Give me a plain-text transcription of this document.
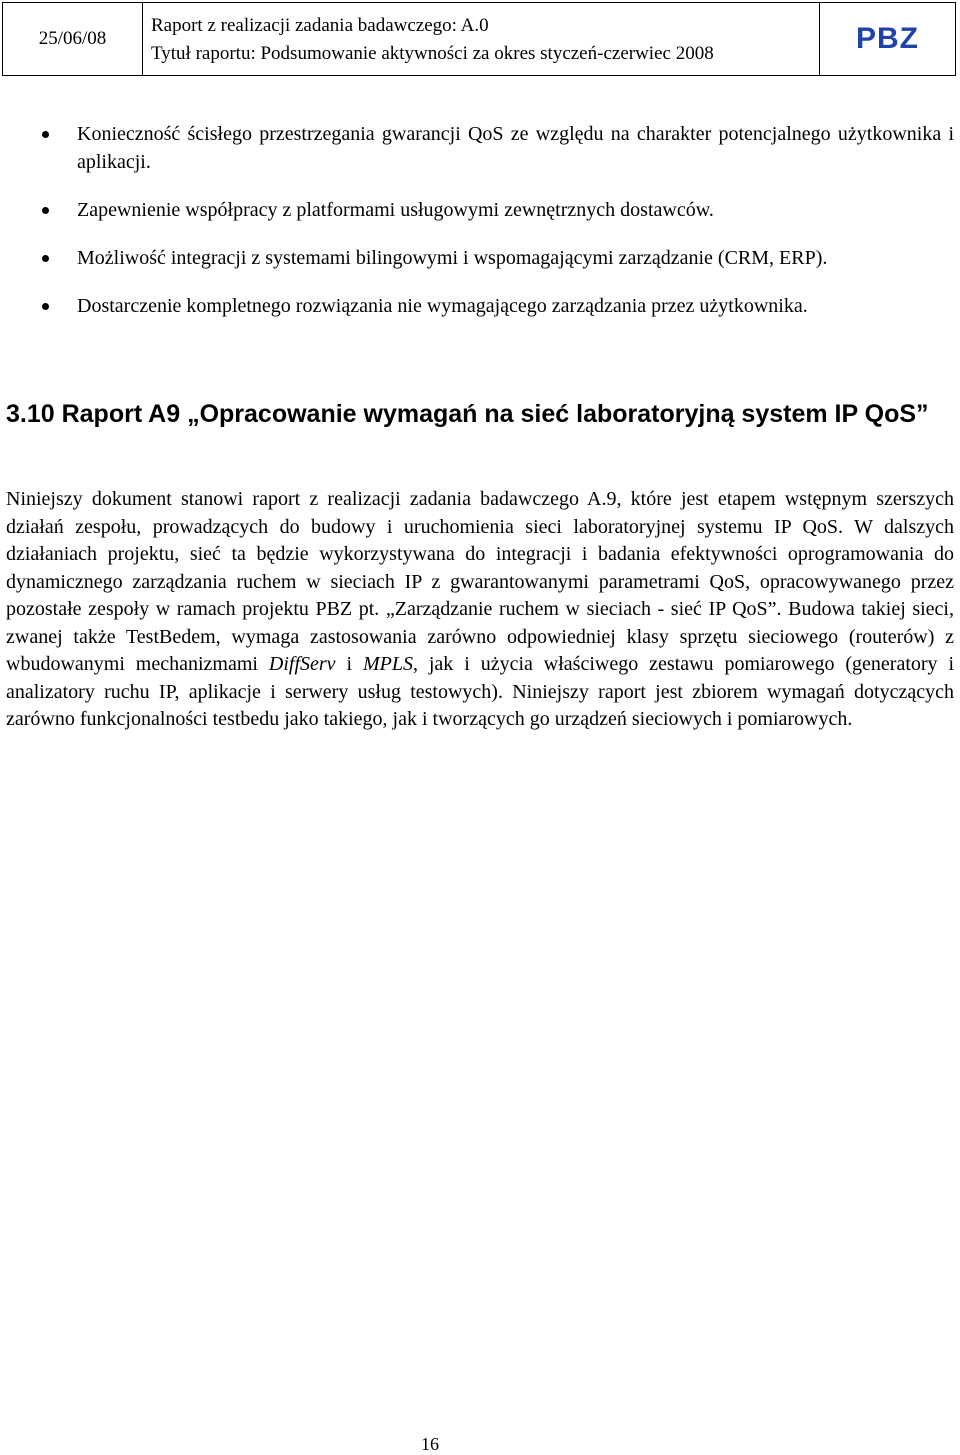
25/06/08
Raport z realizacji zadania badawczego: A.0
Tytuł raportu: Podsumowanie aktywności za okres styczeń-czerwiec 2008	PBZ
Konieczność ścisłego przestrzegania gwarancji QoS ze względu na charakter potencjalnego użytkownika i aplikacji.
Zapewnienie współpracy z platformami usługowymi zewnętrznych dostawców.
Możliwość integracji z systemami bilingowymi i wspomagającymi zarządzanie (CRM, ERP).
Dostarczenie kompletnego rozwiązania nie wymagającego zarządzania przez użytkownika.
3.10 Raport A9 „Opracowanie wymagań na sieć laboratoryjną system IP QoS”

Niniejszy dokument stanowi raport z realizacji zadania badawczego A.9, które jest etapem wstępnym szerszych działań zespołu, prowadzących do budowy i uruchomienia sieci laboratoryjnej systemu IP QoS. W dalszych działaniach projektu, sieć ta będzie wykorzystywana do integracji i badania efektywności oprogramowania do dynamicznego zarządzania ruchem w sieciach IP z gwarantowanymi parametrami QoS, opracowywanego przez pozostałe zespoły w ramach projektu PBZ pt. „Zarządzanie ruchem w sieciach - sieć IP QoS”. Budowa takiej sieci, zwanej także TestBedem, wymaga zastosowania zarówno odpowiedniej klasy sprzętu sieciowego (routerów) z wbudowanymi mechanizmami DiffServ i MPLS, jak i użycia właściwego zestawu pomiarowego (generatory i analizatory ruchu IP, aplikacje i serwery usług testowych). Niniejszy raport jest zbiorem wymagań dotyczących zarówno funkcjonalności testbedu jako takiego, jak i tworzących go urządzeń sieciowych i pomiarowych.

16
